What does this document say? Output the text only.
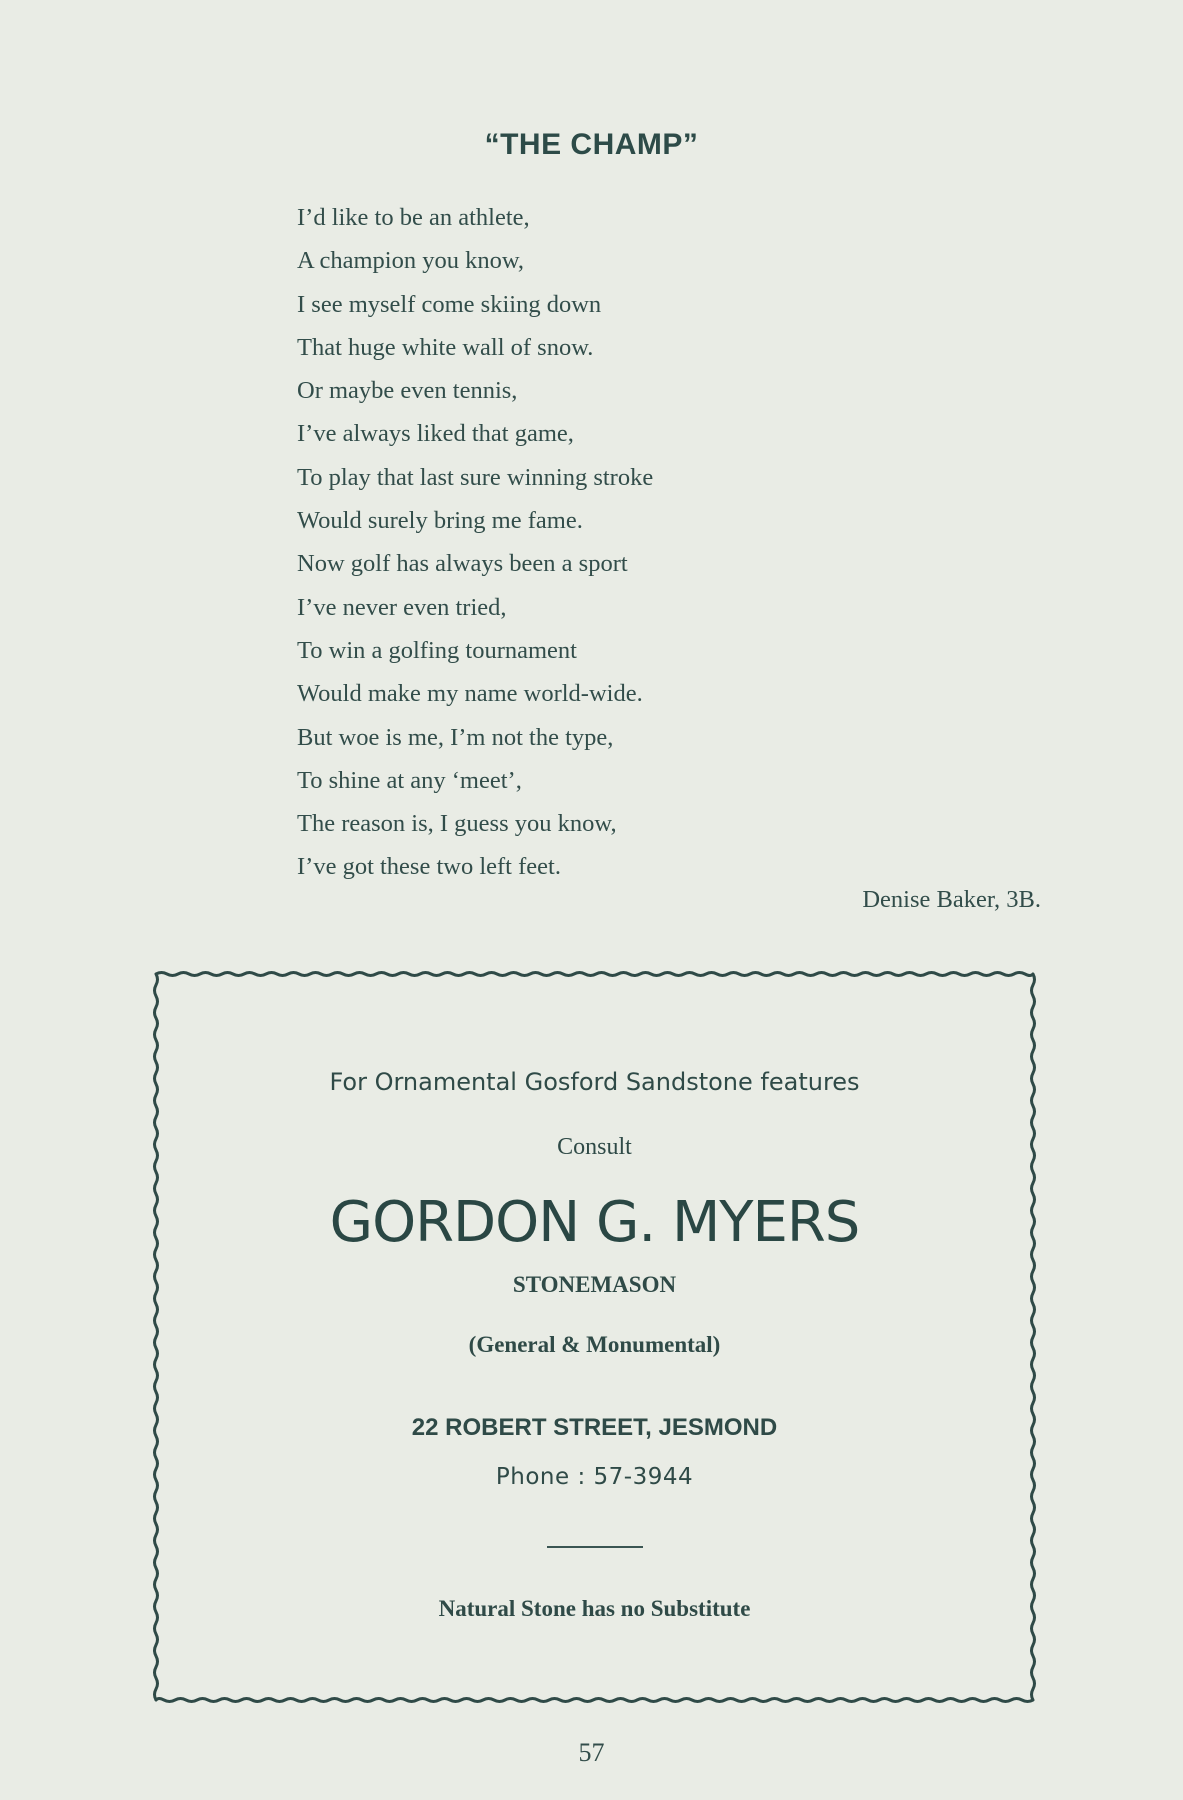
“THE CHAMP”
I’d like to be an athlete,
A champion you know,
I see myself come skiing down
That huge white wall of snow.
Or maybe even tennis,
I’ve always liked that game,
To play that last sure winning stroke
Would surely bring me fame.
Now golf has always been a sport
I’ve never even tried,
To win a golfing tournament
Would make my name world-wide.
But woe is me, I’m not the type,
To shine at any ‘meet’,
The reason is, I guess you know,
I’ve got these two left feet.
Denise Baker, 3B.
For Ornamental Gosford Sandstone features
Consult
GORDON G. MYERS
STONEMASON
(General & Monumental)
22 ROBERT STREET, JESMOND
Phone : 57-3944
Natural Stone has no Substitute
57
